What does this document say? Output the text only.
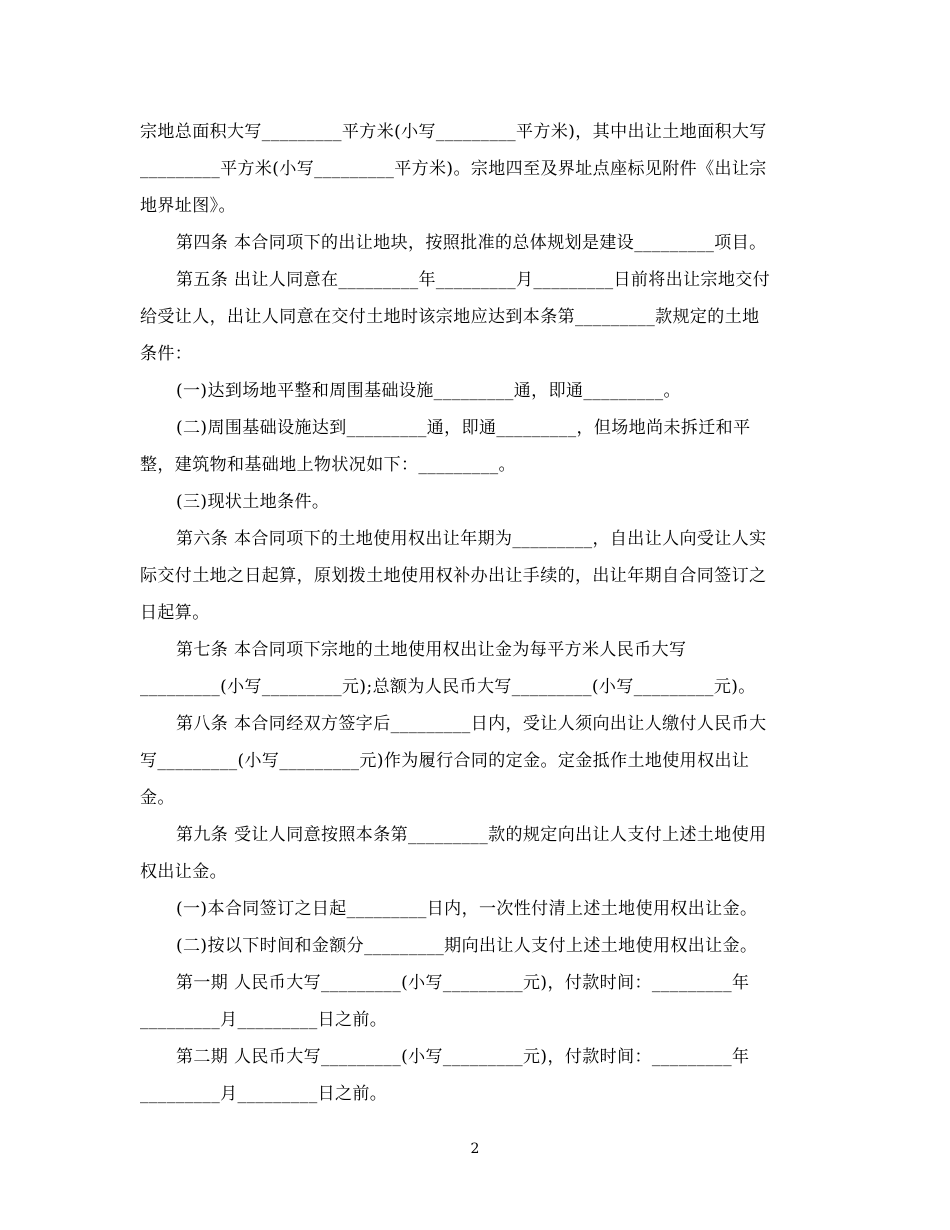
宗地总面积大写_________平方米(小写_________平方米)，其中出让土地面积大写
_________平方米(小写_________平方米)。宗地四至及界址点座标见附件《出让宗
地界址图》。
第四条 本合同项下的出让地块，按照批准的总体规划是建设_________项目。
第五条 出让人同意在_________年_________月_________日前将出让宗地交付
给受让人，出让人同意在交付土地时该宗地应达到本条第_________款规定的土地
条件：
(一)达到场地平整和周围基础设施_________通，即通_________。
(二)周围基础设施达到_________通，即通_________，但场地尚未拆迁和平
整，建筑物和基础地上物状况如下：_________。
(三)现状土地条件。
第六条 本合同项下的土地使用权出让年期为_________，自出让人向受让人实
际交付土地之日起算，原划拨土地使用权补办出让手续的，出让年期自合同签订之
日起算。
第七条 本合同项下宗地的土地使用权出让金为每平方米人民币大写
_________(小写_________元);总额为人民币大写_________(小写_________元)。
第八条 本合同经双方签字后_________日内，受让人须向出让人缴付人民币大
写_________(小写_________元)作为履行合同的定金。定金抵作土地使用权出让
金。
第九条 受让人同意按照本条第_________款的规定向出让人支付上述土地使用
权出让金。
(一)本合同签订之日起_________日内，一次性付清上述土地使用权出让金。
(二)按以下时间和金额分_________期向出让人支付上述土地使用权出让金。
第一期 人民币大写_________(小写_________元)，付款时间：_________年
_________月_________日之前。
第二期 人民币大写_________(小写_________元)，付款时间：_________年
_________月_________日之前。
2
